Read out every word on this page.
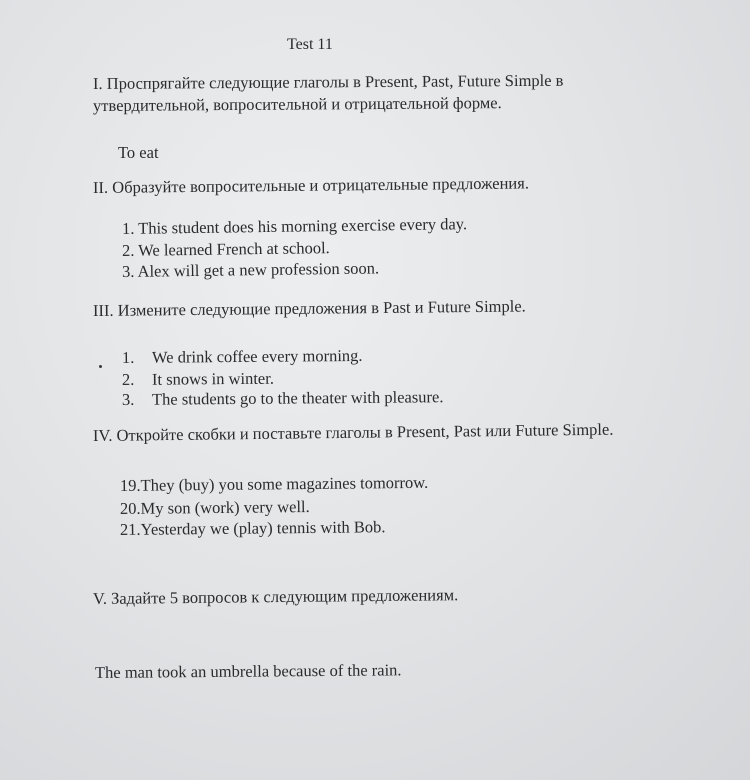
Test 11
I. Проспрягайте следующие глаголы в Present, Past, Future Simple в
утвердительной, вопросительной и отрицательной форме.
To eat
II. Образуйте вопросительные и отрицательные предложения.
1. This student does his morning exercise every day.
2. We learned French at school.
3. Alex will get a new profession soon.
III. Измените следующие предложения в Past и Future Simple.
1. We drink coffee every morning.
2. It snows in winter.
3. The students go to the theater with pleasure.
IV. Откройте скобки и поставьте глаголы в Present, Past или Future Simple.
19.They (buy) you some magazines tomorrow.
20.My son (work) very well.
21.Yesterday we (play) tennis with Bob.
V. Задайте 5 вопросов к следующим предложениям.
The man took an umbrella because of the rain.
